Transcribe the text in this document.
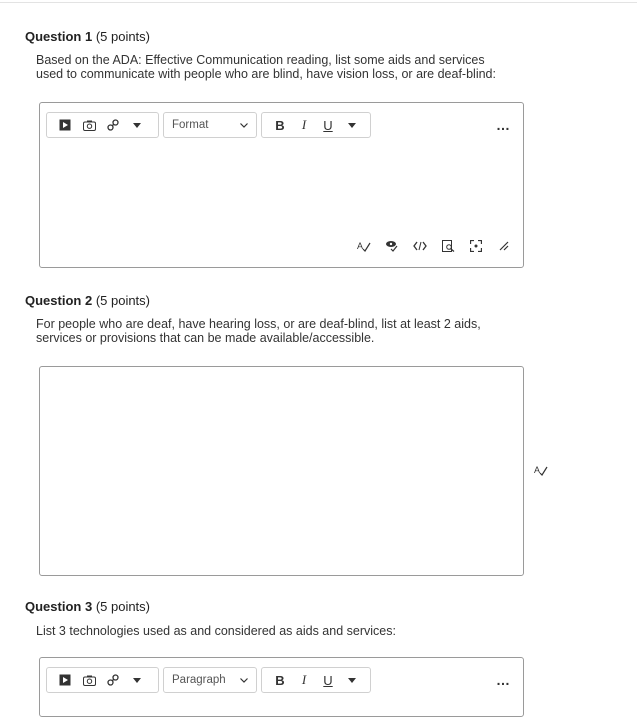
Question 1 (5 points)
Based on the ADA: Effective Communication reading, list some aids and services used to communicate with people who are blind, have vision loss, or are deaf-blind:
Format	B	I	U	…
A
Question 2 (5 points)
For people who are deaf, have hearing loss, or are deaf-blind, list at least 2 aids, services or provisions that can be made available/accessible.
A
Question 3 (5 points)
List 3 technologies used as and considered as aids and services:
Paragraph	B	I	U	…
